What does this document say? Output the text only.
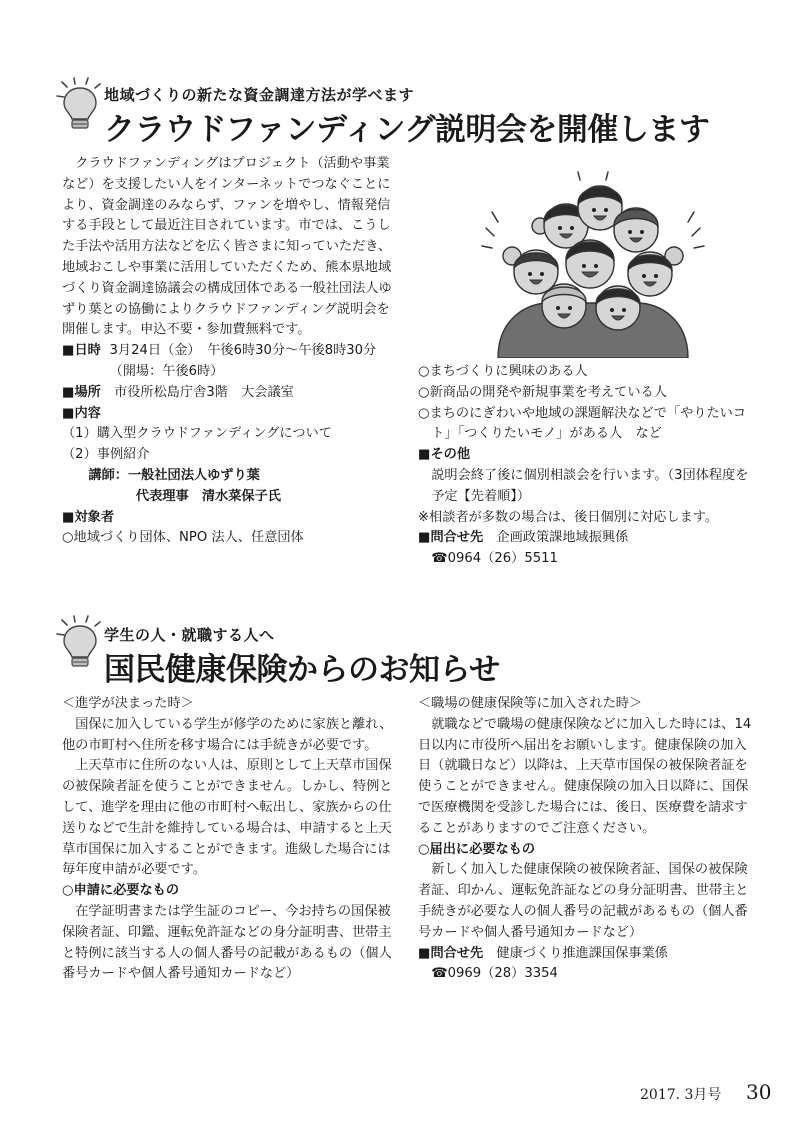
地域づくりの新たな資金調達方法が学べます
クラウドファンディング説明会を開催します

クラウドファンディングはプロジェクト（活動や事業など）を支援したい人をインターネットでつなぐことにより、資金調達のみならず、ファンを増やし、情報発信する手段として最近注目されています。市では、こうした手法や活用方法などを広く皆さまに知っていただき、地域おこしや事業に活用していただくため、熊本県地域づくり資金調達協議会の構成団体である一般社団法人ゆずり葉との協働によりクラウドファンディング説明会を開催します。申込不要・参加費無料です。

■日時 3月24日（金）　午後6時30分～午後8時30分（開場：午後6時）

■場所　 市役所松島庁舎3階　大会議室

■内容

（1）購入型クラウドファンディングについて

（2）事例紹介

講師：一般社団法人ゆずり葉

代表理事　清水菜保子氏

■対象者

○地域づくり団体、NPO 法人、任意団体

○まちづくりに興味のある人

○新商品の開発や新規事業を考えている人

○まちのにぎわいや地域の課題解決などで「やりたいコト」「つくりたいモノ」がある人　など

■その他

説明会終了後に個別相談会を行います。（3団体程度を予定【先着順】）

※相談者が多数の場合は、後日個別に対応します。

■問合せ先　 企画政策課地域振興係

☎0964（26）5511

学生の人・就職する人へ
国民健康保険からのお知らせ

＜進学が決まった時＞

国保に加入している学生が修学のために家族と離れ、他の市町村へ住所を移す場合には手続きが必要です。

上天草市に住所のない人は、原則として上天草市国保の被保険者証を使うことができません。しかし、特例として、進学を理由に他の市町村へ転出し、家族からの仕送りなどで生計を維持している場合は、申請すると上天草市国保に加入することができます。進級した場合には毎年度申請が必要です。

○申請に必要なもの

在学証明書または学生証のコピー、今お持ちの国保被保険者証、印鑑、運転免許証などの身分証明書、世帯主と特例に該当する人の個人番号の記載があるもの（個人番号カードや個人番号通知カードなど）

＜職場の健康保険等に加入された時＞

就職などで職場の健康保険などに加入した時には、14日以内に市役所へ届出をお願いします。健康保険の加入日（就職日など）以降は、上天草市国保の被保険者証を使うことができません。健康保険の加入日以降に、国保で医療機関を受診した場合には、後日、医療費を請求することがありますのでご注意ください。

○届出に必要なもの

新しく加入した健康保険の被保険者証、国保の被保険者証、印かん、運転免許証などの身分証明書、世帯主と手続きが必要な人の個人番号の記載があるもの（個人番号カードや個人番号通知カードなど）

■問合せ先　 健康づくり推進課国保事業係

☎0969（28）3354

2017. 3月号 30
